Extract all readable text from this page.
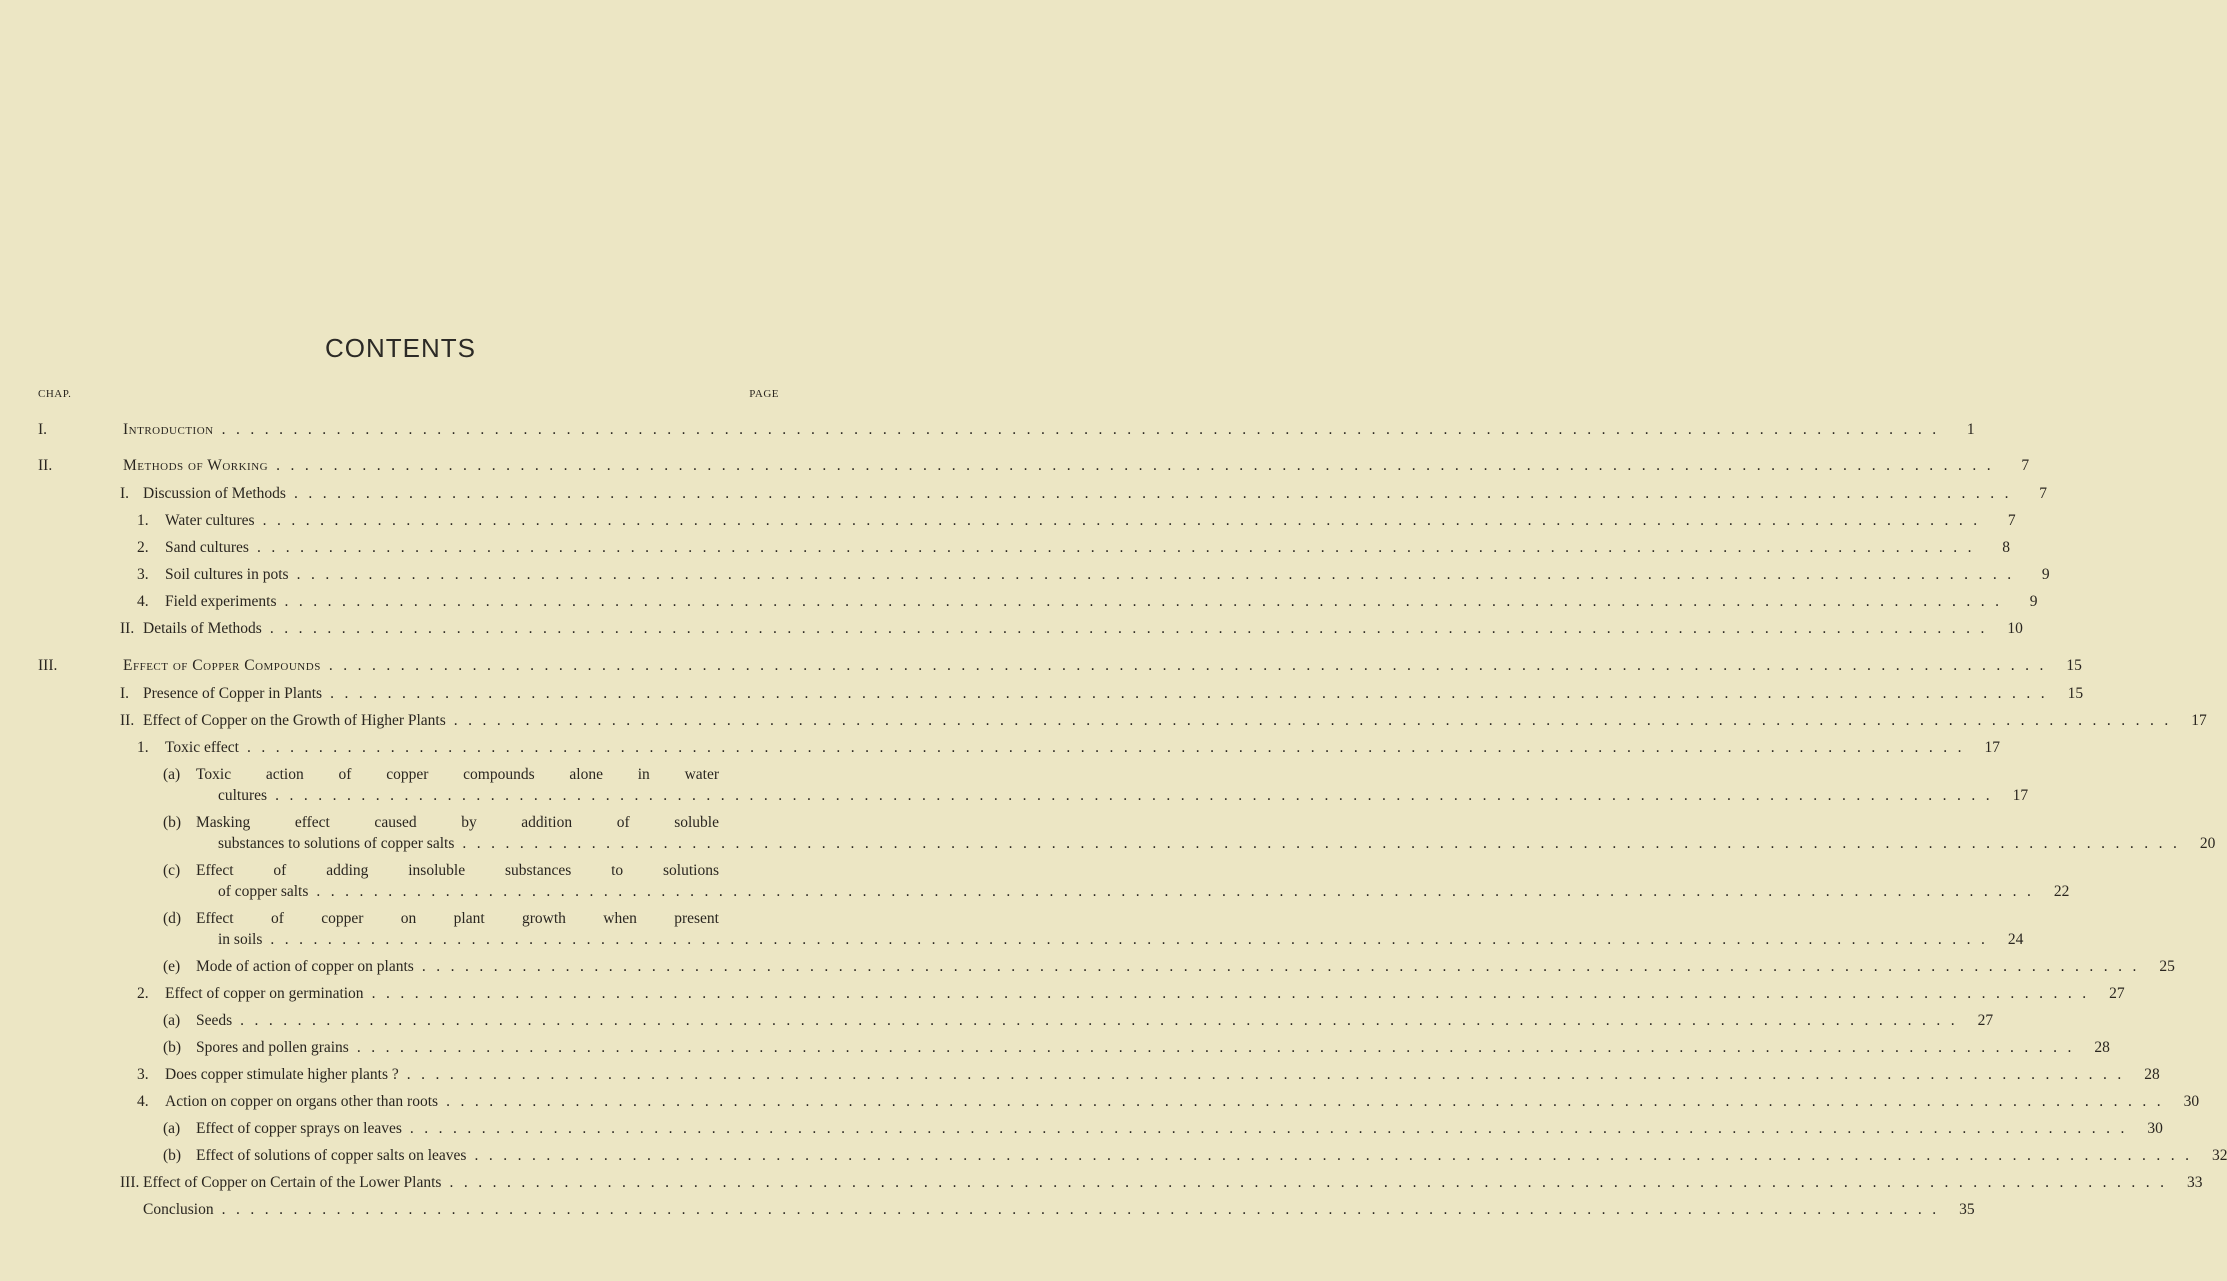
CONTENTS
CHAP.	PAGE
I.	Introduction ........................................................................................................................	1
II.	Methods of Working ........................................................................................................................	7
I. Discussion of Methods ........................................................................................................................	7
1. Water cultures ........................................................................................................................	7
2. Sand cultures ........................................................................................................................	8
3. Soil cultures in pots ........................................................................................................................	9
4. Field experiments ........................................................................................................................	9
II. Details of Methods ........................................................................................................................ 10
III.	Effect of Copper Compounds ........................................................................................................................ 15
I. Presence of Copper in Plants ........................................................................................................................ 15
II. Effect of Copper on the Growth of Higher Plants ........................................................................................................................ 17
1. Toxic effect ........................................................................................................................ 17
(a) Toxic action of copper compounds alone in water
cultures ........................................................................................................................ 17
(b) Masking effect caused by addition of soluble
substances to solutions of copper salts ........................................................................................................................ 20
(c) Effect of adding insoluble substances to solutions
of copper salts ........................................................................................................................ 22
(d) Effect of copper on plant growth when present
in soils ........................................................................................................................ 24
(e) Mode of action of copper on plants ........................................................................................................................ 25
2. Effect of copper on germination ........................................................................................................................ 27
(a) Seeds ........................................................................................................................ 27
(b) Spores and pollen grains ........................................................................................................................ 28
3. Does copper stimulate higher plants ? ........................................................................................................................ 28
4. Action on copper on organs other than roots ........................................................................................................................ 30
(a) Effect of copper sprays on leaves ........................................................................................................................ 30
(b) Effect of solutions of copper salts on leaves ........................................................................................................................ 32
III. Effect of Copper on Certain of the Lower Plants ........................................................................................................................ 33
Conclusion ........................................................................................................................ 35
